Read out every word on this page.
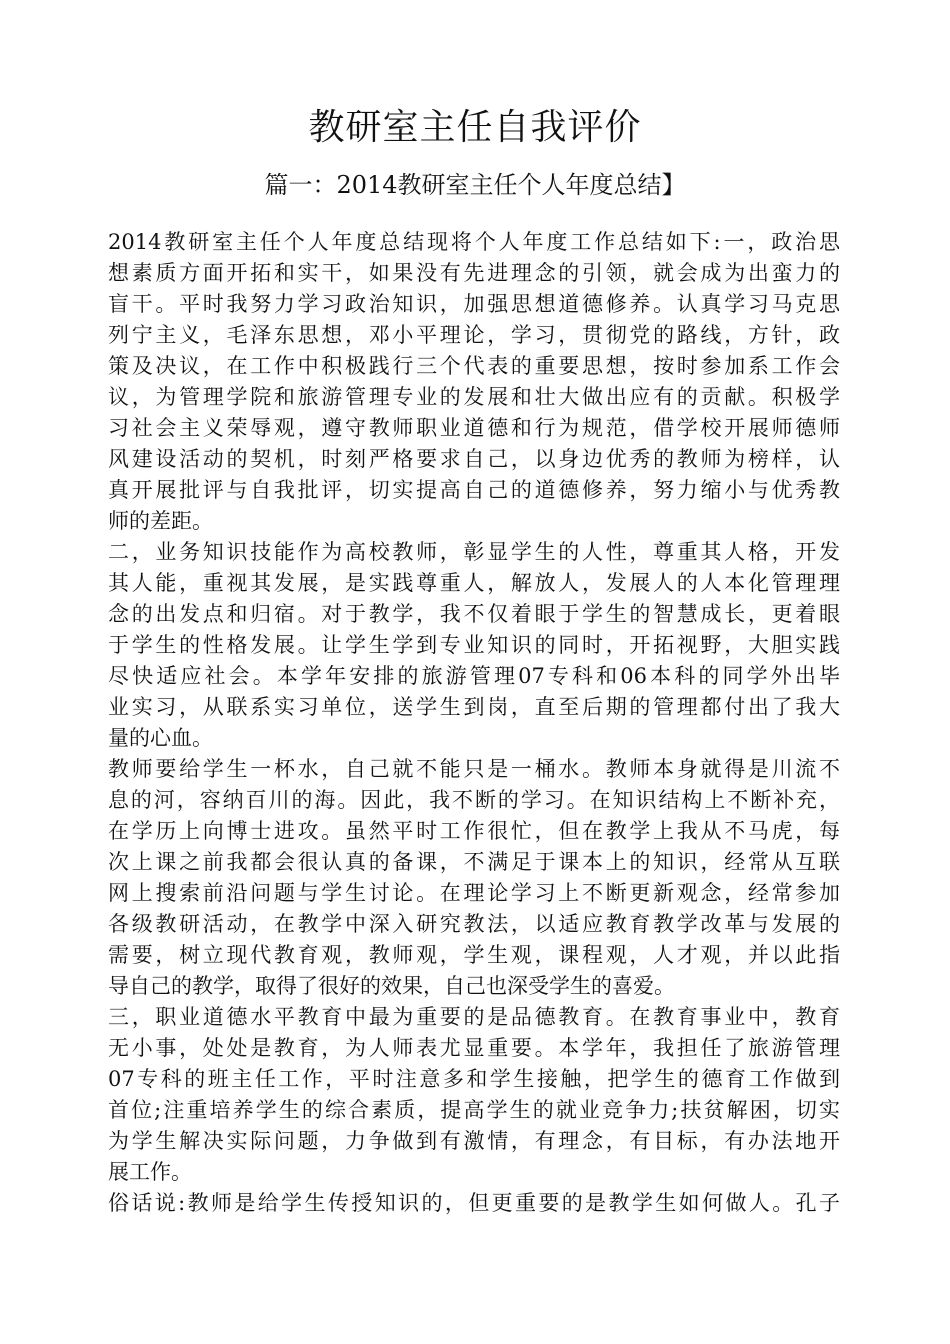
教研室主任自我评价
篇一：2014教研室主任个人年度总结】
2014教研室主任个人年度总结现将个人年度工作总结如下:一，政治思
想素质方面开拓和实干，如果没有先进理念的引领，就会成为出蛮力的
盲干。平时我努力学习政治知识，加强思想道德修养。认真学习马克思
列宁主义，毛泽东思想，邓小平理论，学习，贯彻党的路线，方针，政
策及决议，在工作中积极践行三个代表的重要思想，按时参加系工作会
议，为管理学院和旅游管理专业的发展和壮大做出应有的贡献。积极学
习社会主义荣辱观，遵守教师职业道德和行为规范，借学校开展师德师
风建设活动的契机，时刻严格要求自己，以身边优秀的教师为榜样，认
真开展批评与自我批评，切实提高自己的道德修养，努力缩小与优秀教
师的差距。
二，业务知识技能作为高校教师，彰显学生的人性，尊重其人格，开发
其人能，重视其发展，是实践尊重人，解放人，发展人的人本化管理理
念的出发点和归宿。对于教学，我不仅着眼于学生的智慧成长，更着眼
于学生的性格发展。让学生学到专业知识的同时，开拓视野，大胆实践
尽快适应社会。本学年安排的旅游管理07专科和06本科的同学外出毕
业实习，从联系实习单位，送学生到岗，直至后期的管理都付出了我大
量的心血。
教师要给学生一杯水，自己就不能只是一桶水。教师本身就得是川流不
息的河，容纳百川的海。因此，我不断的学习。在知识结构上不断补充，
在学历上向博士进攻。虽然平时工作很忙，但在教学上我从不马虎，每
次上课之前我都会很认真的备课，不满足于课本上的知识，经常从互联
网上搜索前沿问题与学生讨论。在理论学习上不断更新观念，经常参加
各级教研活动，在教学中深入研究教法，以适应教育教学改革与发展的
需要，树立现代教育观，教师观，学生观，课程观，人才观，并以此指
导自己的教学，取得了很好的效果，自己也深受学生的喜爱。
三，职业道德水平教育中最为重要的是品德教育。在教育事业中，教育
无小事，处处是教育，为人师表尤显重要。本学年，我担任了旅游管理
07专科的班主任工作，平时注意多和学生接触，把学生的德育工作做到
首位;注重培养学生的综合素质，提高学生的就业竞争力;扶贫解困，切实
为学生解决实际问题，力争做到有激情，有理念，有目标，有办法地开
展工作。
俗话说:教师是给学生传授知识的，但更重要的是教学生如何做人。孔子
